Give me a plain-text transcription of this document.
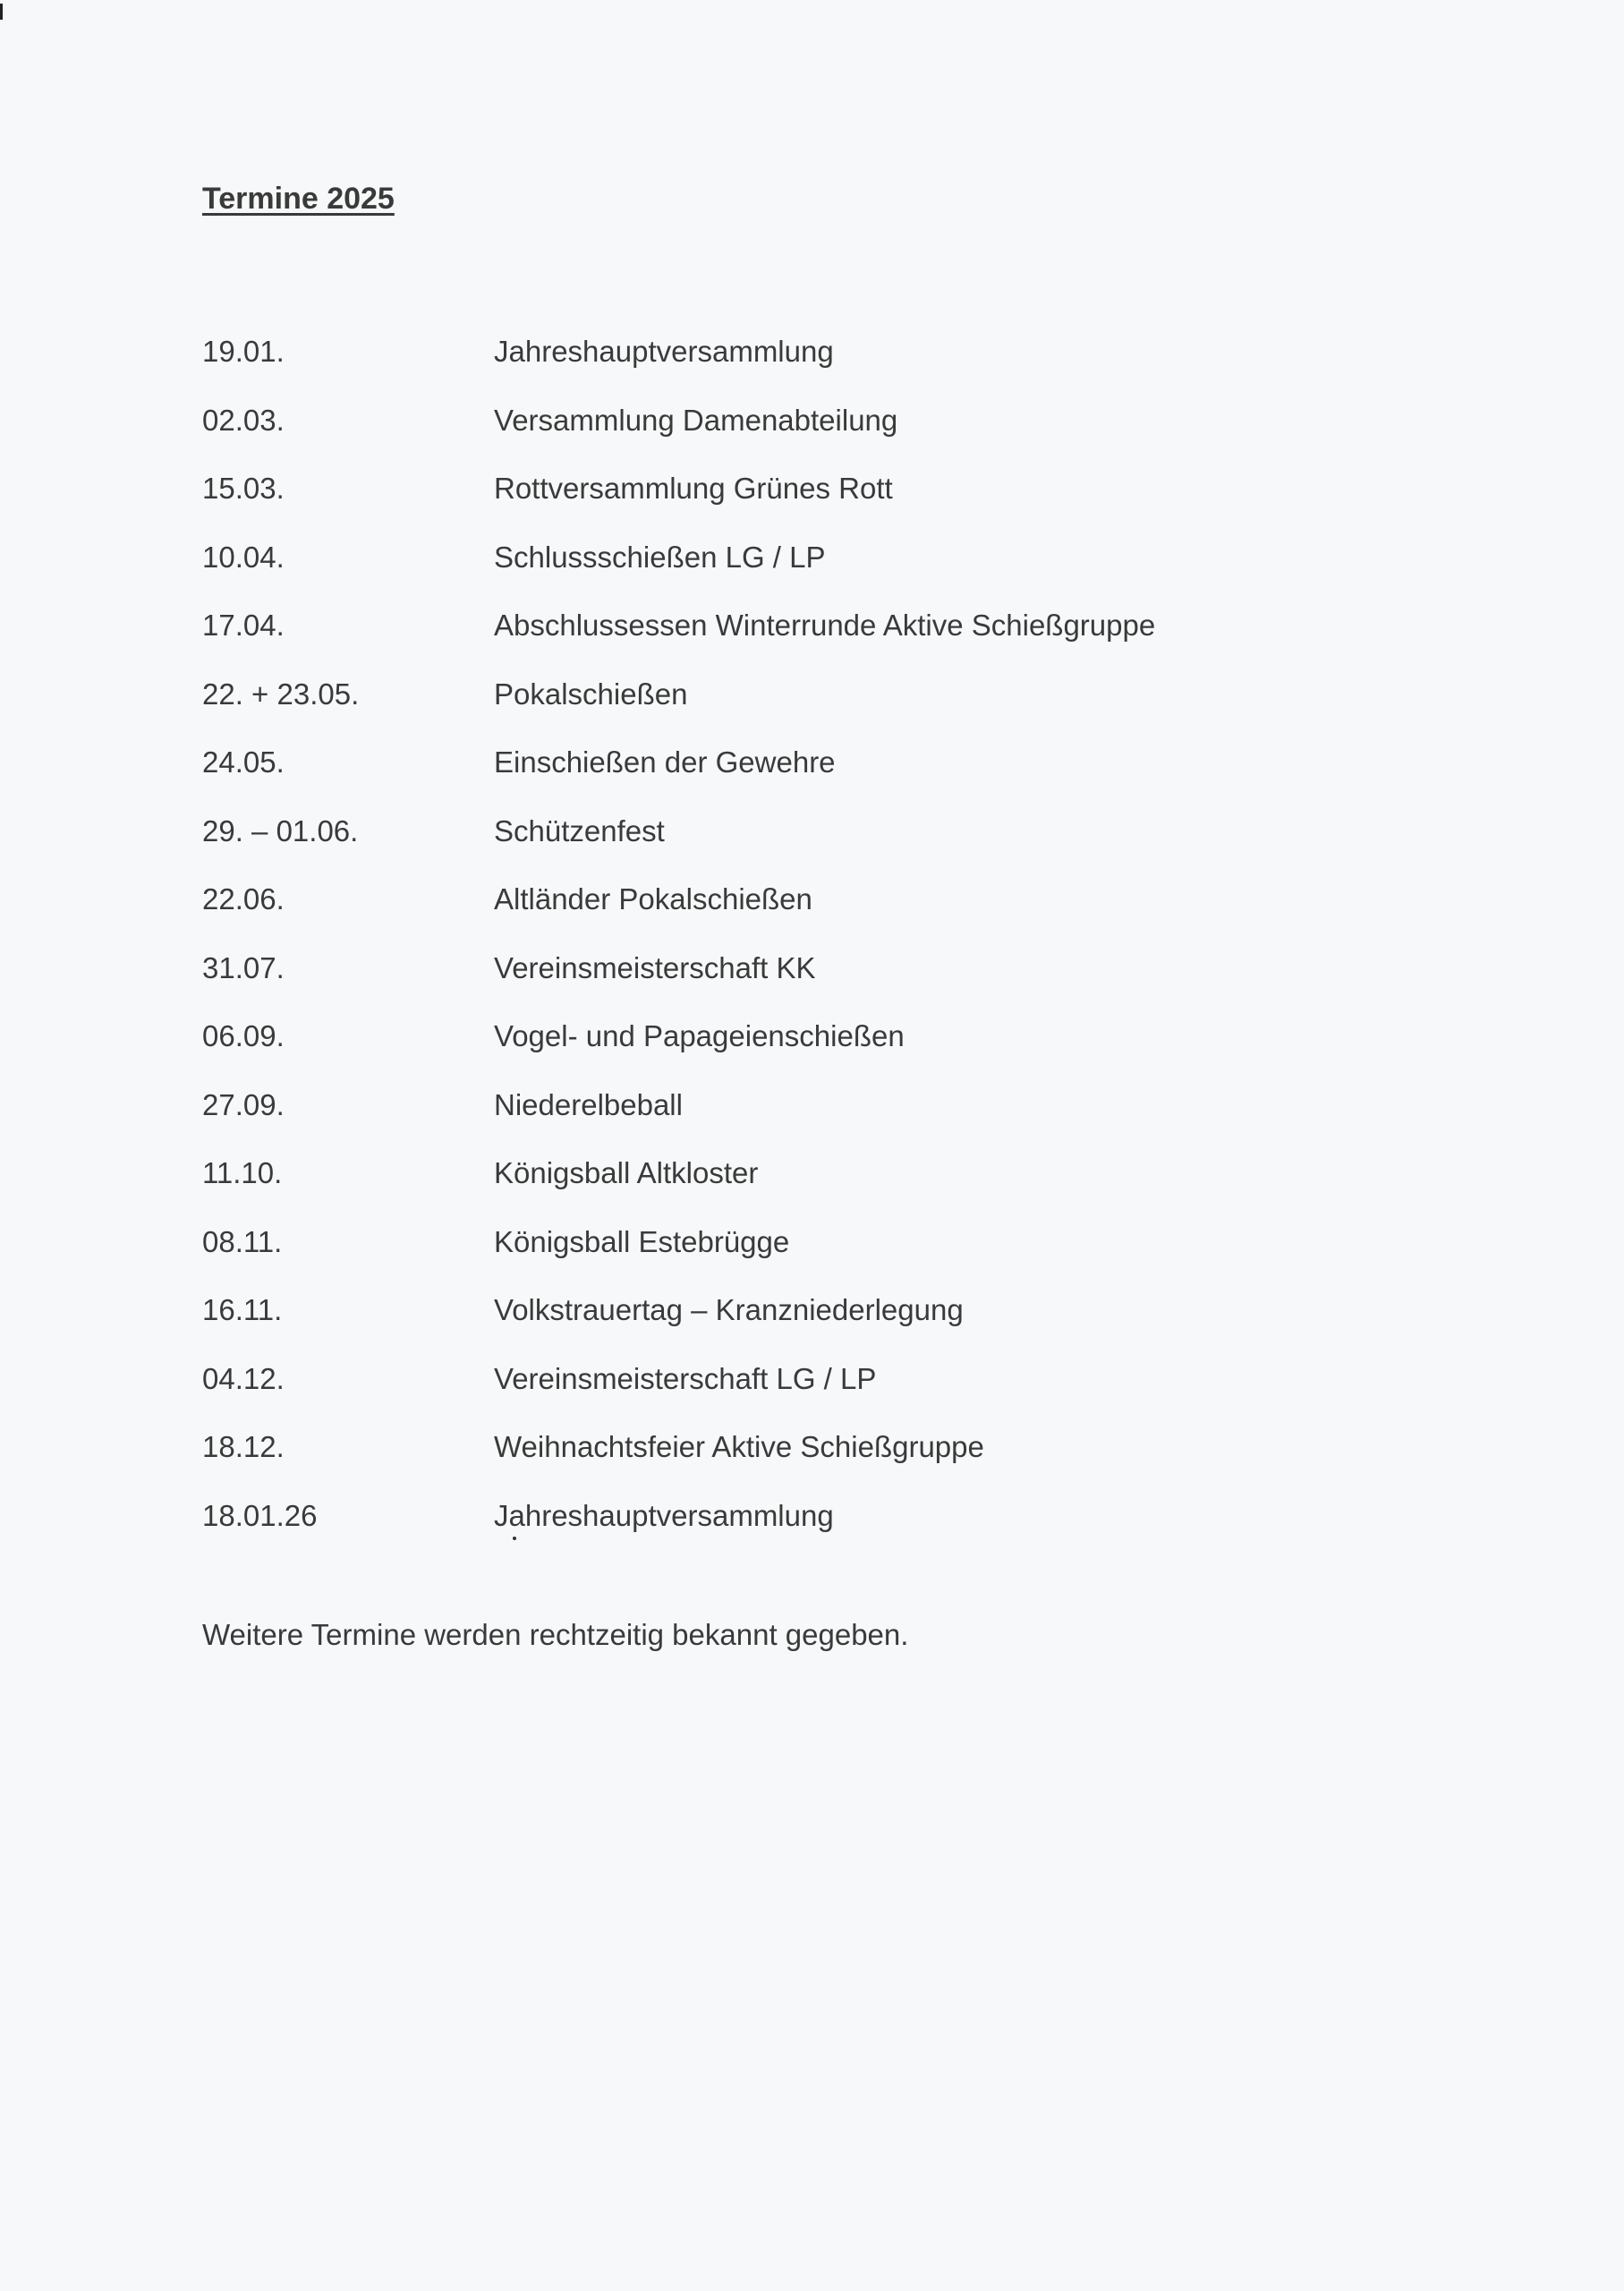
Termine 2025
19.01.	Jahreshauptversammlung
02.03.	Versammlung Damenabteilung
15.03.	Rottversammlung Grünes Rott
10.04.	Schlussschießen LG / LP
17.04.	Abschlussessen Winterrunde Aktive Schießgruppe
22. + 23.05.	Pokalschießen
24.05.	Einschießen der Gewehre
29. – 01.06.	Schützenfest
22.06.	Altländer Pokalschießen
31.07.	Vereinsmeisterschaft KK
06.09.	Vogel- und Papageienschießen
27.09.	Niederelbeball
11.10.	Königsball Altkloster
08.11.	Königsball Estebrügge
16.11.	Volkstrauertag – Kranzniederlegung
04.12.	Vereinsmeisterschaft LG / LP
18.12.	Weihnachtsfeier Aktive Schießgruppe
18.01.26	Jahreshauptversammlung
Weitere Termine werden rechtzeitig bekannt gegeben.
